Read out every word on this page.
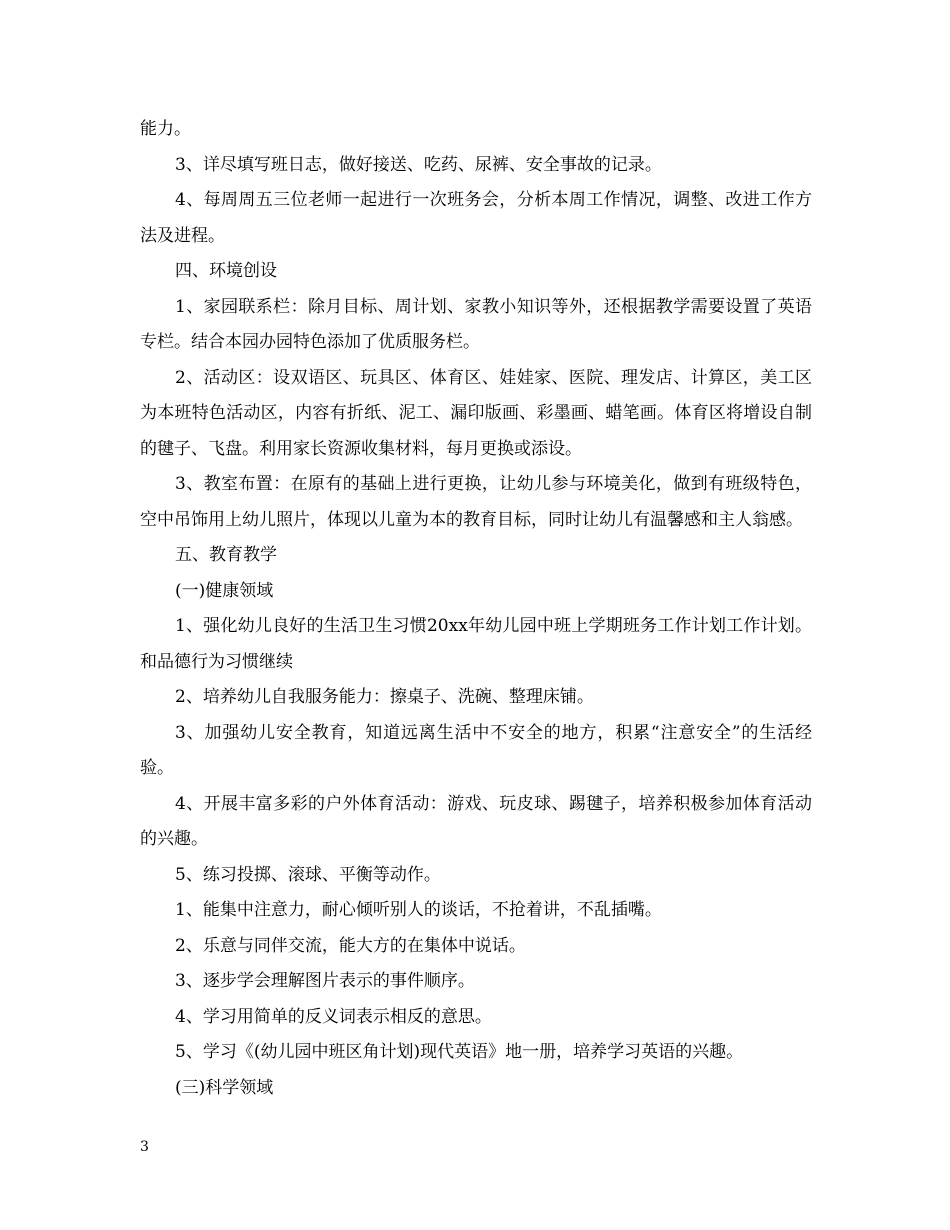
能力。

3、详尽填写班日志，做好接送、吃药、尿裤、安全事故的记录。

4、每周周五三位老师一起进行一次班务会，分析本周工作情况，调整、改进工作方法及进程。

四、环境创设

1、家园联系栏：除月目标、周计划、家教小知识等外，还根据教学需要设置了英语专栏。结合本园办园特色添加了优质服务栏。

2、活动区：设双语区、玩具区、体育区、娃娃家、医院、理发店、计算区，美工区为本班特色活动区，内容有折纸、泥工、漏印版画、彩墨画、蜡笔画。体育区将增设自制的毽子、飞盘。利用家长资源收集材料，每月更换或添设。

3、教室布置：在原有的基础上进行更换，让幼儿参与环境美化，做到有班级特色，空中吊饰用上幼儿照片，体现以儿童为本的教育目标，同时让幼儿有温馨感和主人翁感。

五、教育教学

(一)健康领域

1、强化幼儿良好的生活卫生习惯20xx年幼儿园中班上学期班务工作计划工作计划。和品德行为习惯继续

2、培养幼儿自我服务能力：擦桌子、洗碗、整理床铺。

3、加强幼儿安全教育，知道远离生活中不安全的地方，积累“注意安全”的生活经验。

4、开展丰富多彩的户外体育活动：游戏、玩皮球、踢毽子，培养积极参加体育活动的兴趣。

5、练习投掷、滚球、平衡等动作。

1、能集中注意力，耐心倾听别人的谈话，不抢着讲，不乱插嘴。

2、乐意与同伴交流，能大方的在集体中说话。

3、逐步学会理解图片表示的事件顺序。

4、学习用简单的反义词表示相反的意思。

5、学习《(幼儿园中班区角计划)现代英语》地一册，培养学习英语的兴趣。

(三)科学领域

3
